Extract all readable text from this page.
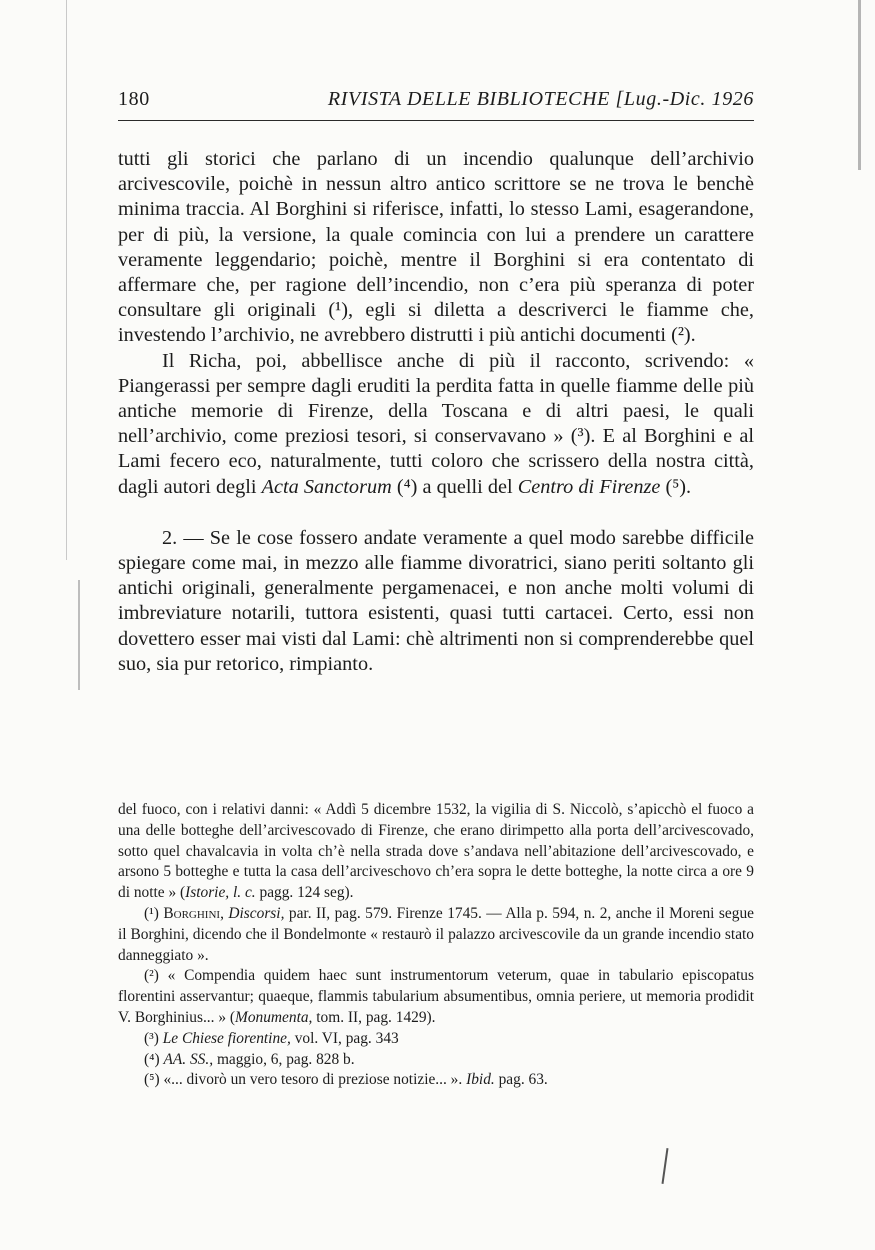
180	RIVISTA DELLE BIBLIOTECHE [Lug.-Dic. 1926

tutti gli storici che parlano di un incendio qualunque dell’archivio arcivescovile, poichè in nessun altro antico scrittore se ne trova le benchè minima traccia. Al Borghini si riferisce, infatti, lo stesso Lami, esagerandone, per di più, la versione, la quale comincia con lui a prendere un carattere veramente leggendario; poichè, mentre il Borghini si era contentato di affermare che, per ragione dell’incendio, non c’era più speranza di poter consultare gli originali (¹), egli si diletta a descriverci le fiamme che, investendo l’archivio, ne avrebbero distrutti i più antichi documenti (²).

Il Richa, poi, abbellisce anche di più il racconto, scrivendo: « Piangerassi per sempre dagli eruditi la perdita fatta in quelle fiamme delle più antiche memorie di Firenze, della Toscana e di altri paesi, le quali nell’archivio, come preziosi tesori, si conservavano » (³). E al Borghini e al Lami fecero eco, naturalmente, tutti coloro che scrissero della nostra città, dagli autori degli Acta Sanctorum (⁴) a quelli del Centro di Firenze (⁵).

2. — Se le cose fossero andate veramente a quel modo sarebbe difficile spiegare come mai, in mezzo alle fiamme divoratrici, siano periti soltanto gli antichi originali, generalmente pergamenacei, e non anche molti volumi di imbreviature notarili, tuttora esistenti, quasi tutti cartacei. Certo, essi non dovettero esser mai visti dal Lami: chè altrimenti non si comprenderebbe quel suo, sia pur retorico, rimpianto.

del fuoco, con i relativi danni: « Addì 5 dicembre 1532, la vigilia di S. Niccolò, s’apicchò el fuoco a una delle botteghe dell’arcivescovado di Firenze, che erano dirimpetto alla porta dell’arcivescovado, sotto quel chavalcavia in volta ch’è nella strada dove s’andava nell’abitazione dell’arcivescovado, e arsono 5 botteghe e tutta la casa dell’arciveschovo ch’era sopra le dette botteghe, la notte circa a ore 9 di notte » (Istorie, l. c. pagg. 124 seg).

(¹) Borghini, Discorsi, par. II, pag. 579. Firenze 1745. — Alla p. 594, n. 2, anche il Moreni segue il Borghini, dicendo che il Bondelmonte « restaurò il palazzo arcivescovile da un grande incendio stato danneggiato ».

(²) « Compendia quidem haec sunt instrumentorum veterum, quae in tabulario episcopatus florentini asservantur; quaeque, flammis tabularium absumentibus, omnia periere, ut memoria prodidit V. Borghinius... » (Monumenta, tom. II, pag. 1429).

(³) Le Chiese fiorentine, vol. VI, pag. 343

(⁴) AA. SS., maggio, 6, pag. 828 b.

(⁵) «... divorò un vero tesoro di preziose notizie... ». Ibid. pag. 63.
